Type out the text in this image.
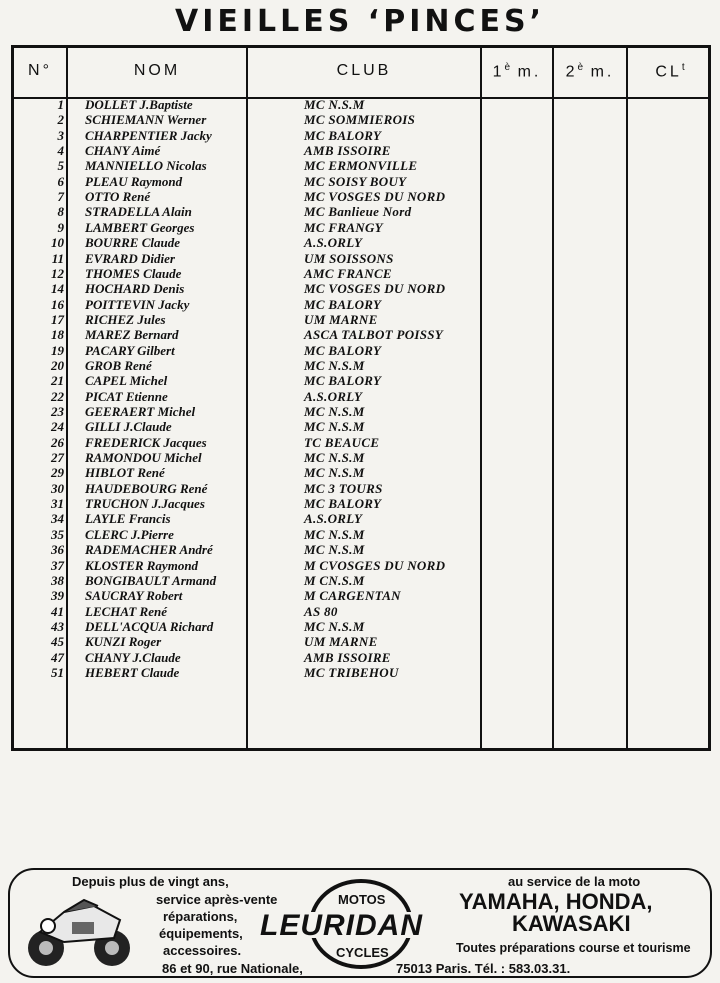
VIEILLES ‘PINCES’
N°	NOM	CLUB	$1^è$ m.	$2^è$ m.	$CL^t$
1 DOLLET J.Baptiste	MC N.S.M
2 SCHIEMANN Werner	MC SOMMIEROIS
3 CHARPENTIER Jacky	MC BALORY
4 CHANY Aimé	AMB ISSOIRE
5 MANNIELLO Nicolas	MC ERMONVILLE
6 PLEAU Raymond	MC SOISY BOUY
7 OTTO René	MC VOSGES DU NORD
8 STRADELLA Alain	MC Banlieue Nord
9 LAMBERT Georges	MC FRANGY
10 BOURRE Claude	A.S.ORLY
11 EVRARD Didier	UM SOISSONS
12 THOMES Claude	AMC FRANCE
14 HOCHARD Denis	MC VOSGES DU NORD
16 POITTEVIN Jacky	MC BALORY
17 RICHEZ Jules	UM MARNE
18 MAREZ Bernard	ASCA TALBOT POISSY
19 PACARY Gilbert	MC BALORY
20 GROB René	MC N.S.M
21 CAPEL Michel	MC BALORY
22 PICAT Etienne	A.S.ORLY
23 GEERAERT Michel	MC N.S.M
24 GILLI J.Claude	MC N.S.M
26 FREDERICK Jacques	TC BEAUCE
27 RAMONDOU Michel	MC N.S.M
29 HIBLOT René	MC N.S.M
30 HAUDEBOURG René	MC 3 TOURS
31 TRUCHON J.Jacques	MC BALORY
34 LAYLE Francis	A.S.ORLY
35 CLERC J.Pierre	MC N.S.M
36 RADEMACHER André	MC N.S.M
37 KLOSTER Raymond	M CVOSGES DU NORD
38 BONGIBAULT Armand	M CN.S.M
39 SAUCRAY Robert	M CARGENTAN
41 LECHAT René	AS 80
43 DELL'ACQUA Richard	MC N.S.M
45 KUNZI Roger	UM MARNE
47 CHANY J.Claude	AMB ISSOIRE
51 HEBERT Claude	MC TRIBEHOU
Depuis plus de vingt ans,
service après-vente
réparations,
équipements,
accessoires.
86 et 90, rue Nationale,
MOTOS
LEURIDAN
CYCLES
au service de la moto
YAMAHA, HONDA,
KAWASAKI
Toutes préparations course et tourisme
75013 Paris. Tél. : 583.03.31.
